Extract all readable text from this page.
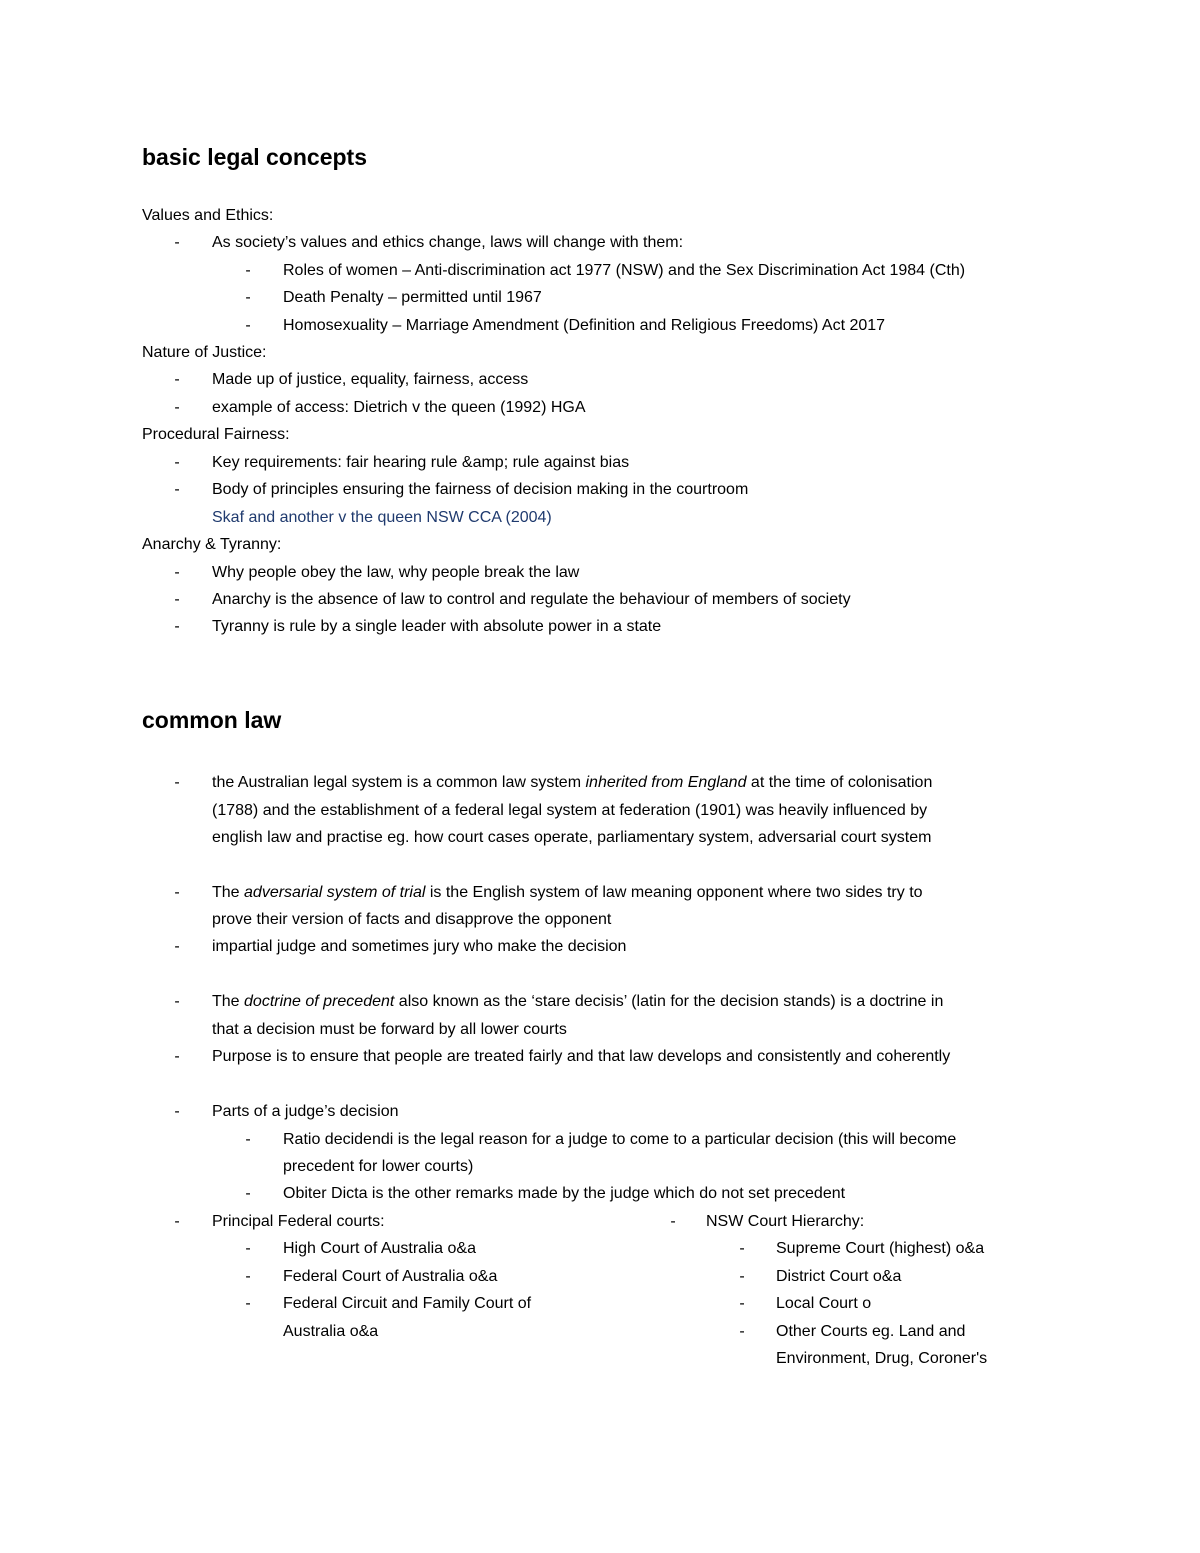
basic legal concepts
Values and Ethics:
- As society’s values and ethics change, laws will change with them:
- Roles of women – Anti-discrimination act 1977 (NSW) and the Sex Discrimination Act 1984 (Cth)
- Death Penalty – permitted until 1967
- Homosexuality – Marriage Amendment (Definition and Religious Freedoms) Act 2017
Nature of Justice:
- Made up of justice, equality, fairness, access
- example of access: Dietrich v the queen (1992) HGA
Procedural Fairness:
- Key requirements: fair hearing rule &amp; rule against bias
- Body of principles ensuring the fairness of decision making in the courtroom
Skaf and another v the queen NSW CCA (2004)
Anarchy & Tyranny:
- Why people obey the law, why people break the law
- Anarchy is the absence of law to control and regulate the behaviour of members of society
- Tyranny is rule by a single leader with absolute power in a state
common law
- the Australian legal system is a common law system inherited from England at the time of colonisation
(1788) and the establishment of a federal legal system at federation (1901) was heavily influenced by
english law and practise eg. how court cases operate, parliamentary system, adversarial court system
- The adversarial system of trial is the English system of law meaning opponent where two sides try to
prove their version of facts and disapprove the opponent
- impartial judge and sometimes jury who make the decision
- The doctrine of precedent also known as the ‘stare decisis’ (latin for the decision stands) is a doctrine in
that a decision must be forward by all lower courts
- Purpose is to ensure that people are treated fairly and that law develops and consistently and coherently
- Parts of a judge’s decision
- Ratio decidendi is the legal reason for a judge to come to a particular decision (this will become
precedent for lower courts)
- Obiter Dicta is the other remarks made by the judge which do not set precedent
- Principal Federal courts:
- High Court of Australia o&a
- Federal Court of Australia o&a
- Federal Circuit and Family Court of
Australia o&a
- NSW Court Hierarchy:
- Supreme Court (highest) o&a
- District Court o&a
- Local Court o
- Other Courts eg. Land and
Environment, Drug, Coroner's
